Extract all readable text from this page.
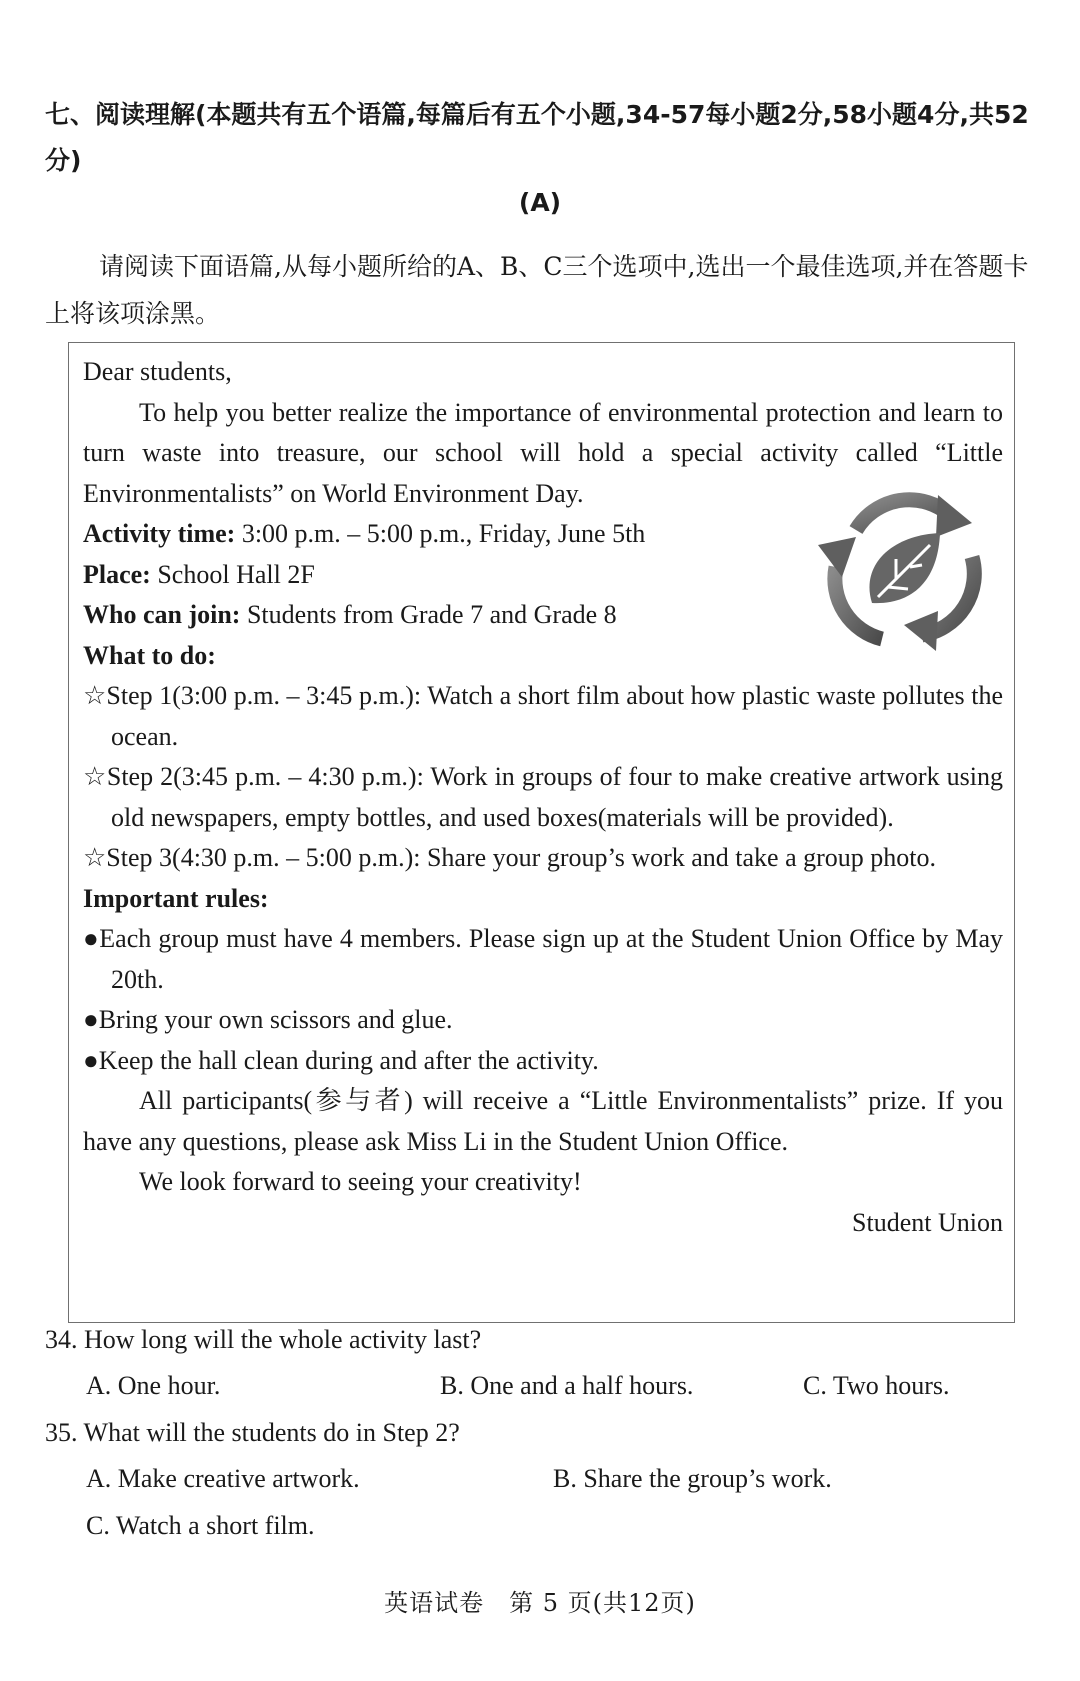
七、阅读理解(本题共有五个语篇,每篇后有五个小题,34-57每小题2分,58小题4分,共52分)
(A)
请阅读下面语篇,从每小题所给的A、B、C三个选项中,选出一个最佳选项,并在答题卡上将该项涂黑。

Dear students,

To help you better realize the importance of environmental protection and learn to turn waste into treasure, our school will hold a special activity called “Little Environmentalists” on World Environment Day.

Activity time: 3:00 p.m. – 5:00 p.m., Friday, June 5th

Place: School Hall 2F

Who can join: Students from Grade 7 and Grade 8

What to do:

☆Step 1(3:00 p.m. – 3:45 p.m.): Watch a short film about how plastic waste pollutes the ocean.

☆Step 2(3:45 p.m. – 4:30 p.m.): Work in groups of four to make creative artwork using old newspapers, empty bottles, and used boxes(materials will be provided).

☆Step 3(4:30 p.m. – 5:00 p.m.): Share your group’s work and take a group photo.

Important rules:

●Each group must have 4 members. Please sign up at the Student Union Office by May 20th.

●Bring your own scissors and glue.

●Keep the hall clean during and after the activity.

All participants(参与者) will receive a “Little Environmentalists” prize. If you have any questions, please ask Miss Li in the Student Union Office.

We look forward to seeing your creativity!

Student Union

34. How long will the whole activity last?
A. One hour.	B. One and a half hours.	C. Two hours.
35. What will the students do in Step 2?
A. Make creative artwork.	B. Share the group’s work.
C. Watch a short film.
英语试卷　第 5 页(共12页)
